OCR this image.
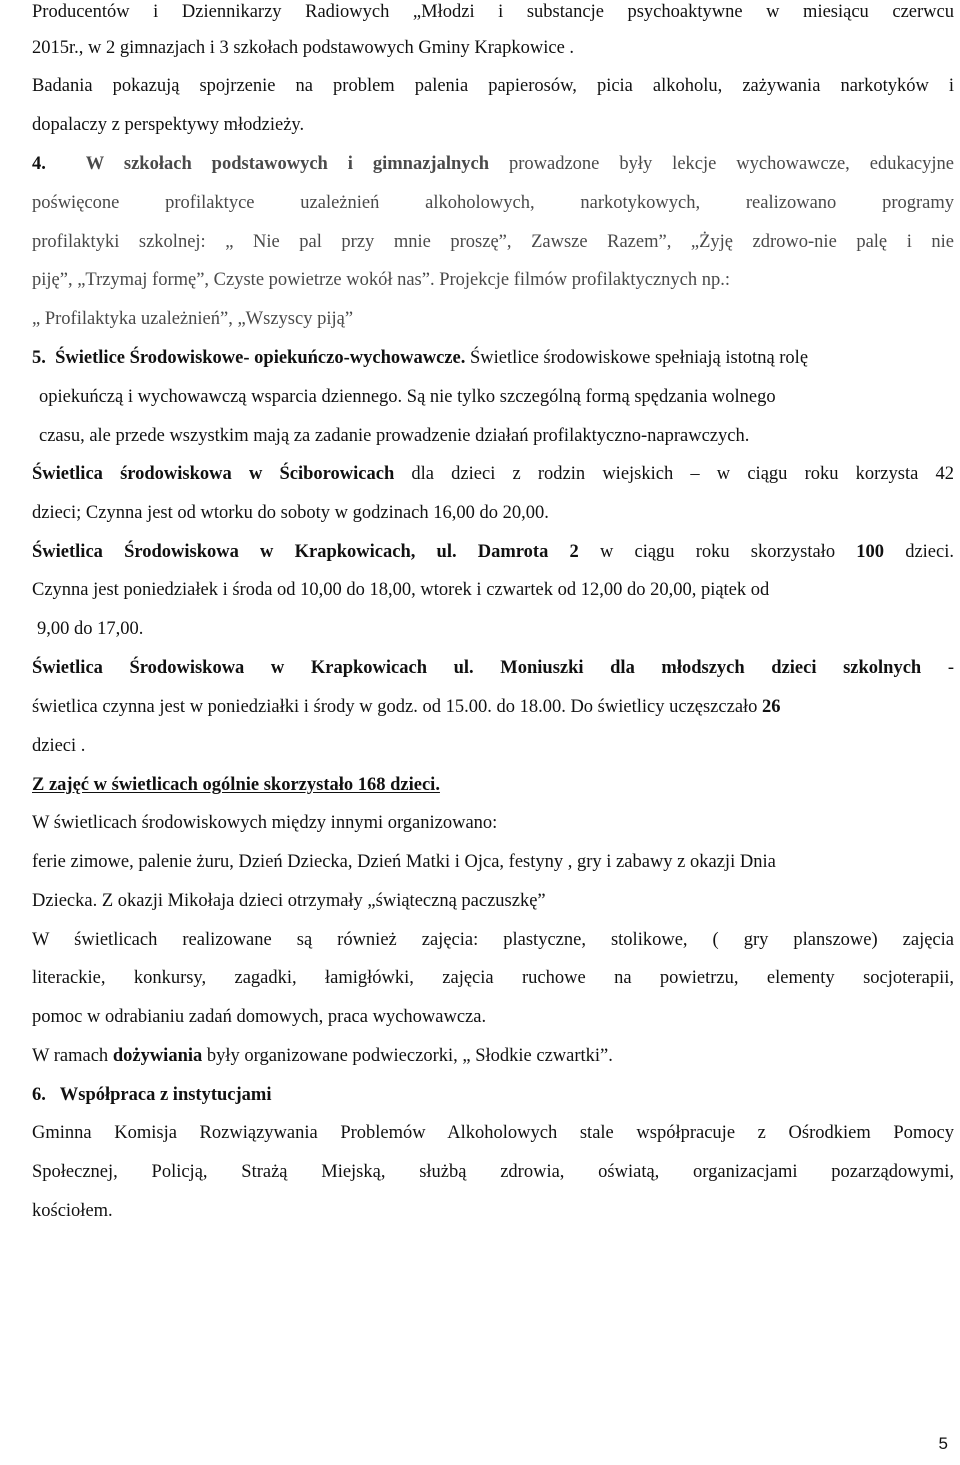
Producentów i Dziennikarzy Radiowych „Młodzi i substancje psychoaktywne w miesiącu czerwcu
2015r., w 2 gimnazjach i 3 szkołach podstawowych Gminy Krapkowice .
Badania pokazują spojrzenie na problem palenia papierosów, picia alkoholu, zażywania narkotyków i
dopalaczy z perspektywy młodzieży.
4. W szkołach podstawowych i gimnazjalnych prowadzone były lekcje wychowawcze, edukacyjne
poświęcone profilaktyce uzależnień alkoholowych, narkotykowych, realizowano programy
profilaktyki szkolnej: „ Nie pal przy mnie proszę”, Zawsze Razem”, „Żyję zdrowo-nie palę i nie
piję”, „Trzymaj formę”, Czyste powietrze wokół nas”. Projekcje filmów profilaktycznych np.:
„ Profilaktyka uzależnień”, „Wszyscy piją”
5. Świetlice Środowiskowe- opiekuńczo-wychowawcze. Świetlice środowiskowe spełniają istotną rolę
opiekuńczą i wychowawczą wsparcia dziennego. Są nie tylko szczególną formą spędzania wolnego
czasu, ale przede wszystkim mają za zadanie prowadzenie działań profilaktyczno-naprawczych.
Świetlica środowiskowa w Ściborowicach dla dzieci z rodzin wiejskich – w ciągu roku korzysta 42
dzieci; Czynna jest od wtorku do soboty w godzinach 16,00 do 20,00.
Świetlica Środowiskowa w Krapkowicach, ul. Damrota 2 w ciągu roku skorzystało 100 dzieci.
Czynna jest poniedziałek i środa od 10,00 do 18,00, wtorek i czwartek od 12,00 do 20,00, piątek od
9,00 do 17,00.
Świetlica Środowiskowa w Krapkowicach ul. Moniuszki dla młodszych dzieci szkolnych -
świetlica czynna jest w poniedziałki i środy w godz. od 15.00. do 18.00. Do świetlicy uczęszczało 26
dzieci .
Z zajęć w świetlicach ogólnie skorzystało 168 dzieci.
W świetlicach środowiskowych między innymi organizowano:
ferie zimowe, palenie żuru, Dzień Dziecka, Dzień Matki i Ojca, festyny , gry i zabawy z okazji Dnia
Dziecka. Z okazji Mikołaja dzieci otrzymały „świąteczną paczuszkę”
W świetlicach realizowane są również zajęcia: plastyczne, stolikowe, ( gry planszowe) zajęcia
literackie, konkursy, zagadki, łamigłówki, zajęcia ruchowe na powietrzu, elementy socjoterapii,
pomoc w odrabianiu zadań domowych, praca wychowawcza.
W ramach dożywiania były organizowane podwieczorki, „ Słodkie czwartki”.
6. Współpraca z instytucjami
Gminna Komisja Rozwiązywania Problemów Alkoholowych stale współpracuje z Ośrodkiem Pomocy
Społecznej, Policją, Strażą Miejską, służbą zdrowia, oświatą, organizacjami pozarządowymi,
kościołem.
5
